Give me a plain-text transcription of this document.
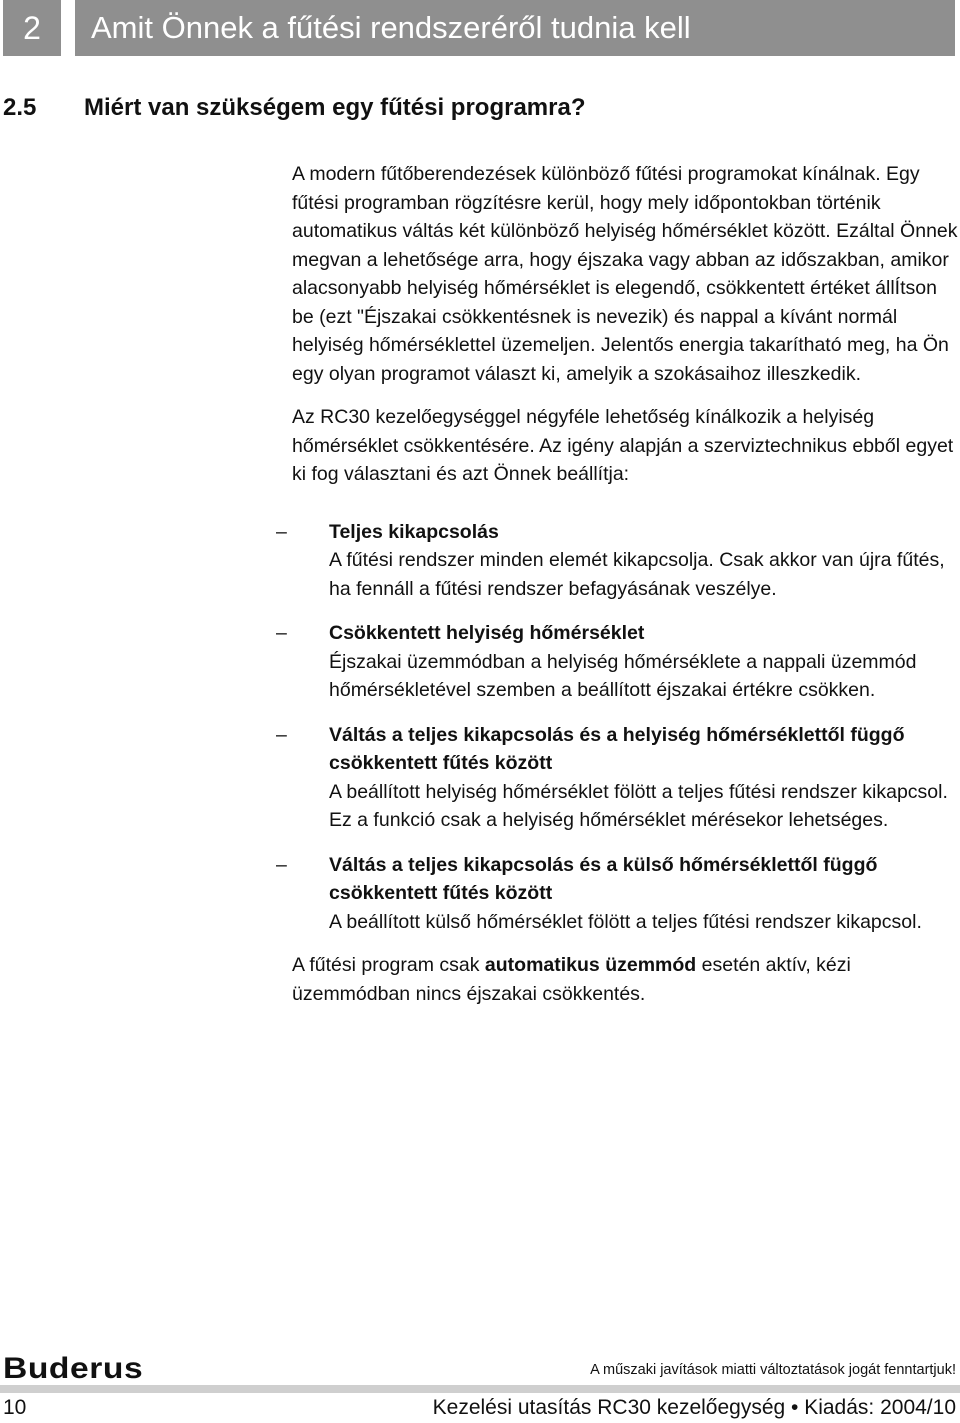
2 Amit Önnek a fűtési rendszeréről tudnia kell
2.5 Miért van szükségem egy fűtési programra?

A modern fűtőberendezések különböző fűtési programokat kínálnak. Egy fűtési programban rögzítésre kerül, hogy mely időpontokban történik automatikus váltás két különböző helyiség hőmérséklet között. Ezáltal Önnek megvan a lehetősége arra, hogy éjszaka vagy abban az időszakban, amikor alacsonyabb helyiség hőmérséklet is elegendő, csökkentett értéket állÍtson be (ezt "Éjszakai csökkentésnek is nevezik) és nappal a kívánt normál helyiség hőmérséklettel üzemeljen. Jelentős energia takarítható meg, ha Ön egy olyan programot választ ki, amelyik a szokásaihoz illeszkedik.

Az RC30 kezelőegységgel négyféle lehetőség kínálkozik a helyiség hőmérséklet csökkentésére. Az igény alapján a szerviztechnikus ebből egyet ki fog választani és azt Önnek beállítja:

– Teljes kikapcsolás
A fűtési rendszer minden elemét kikapcsolja. Csak akkor van újra fűtés, ha fennáll a fűtési rendszer befagyásának veszélye.
– Csökkentett helyiség hőmérséklet
Éjszakai üzemmódban a helyiség hőmérséklete a nappali üzemmód hőmérsékletével szemben a beállított éjszakai értékre csökken.
– Váltás a teljes kikapcsolás és a helyiség hőmérséklettől függő csökkentett fűtés között
A beállított helyiség hőmérséklet fölött a teljes fűtési rendszer kikapcsol. Ez a funkció csak a helyiség hőmérséklet mérésekor lehetséges.
– Váltás a teljes kikapcsolás és a külső hőmérséklettől függő csökkentett fűtés között
A beállított külső hőmérséklet fölött a teljes fűtési rendszer kikapcsol.

A fűtési program csak automatikus üzemmód esetén aktív, kézi üzemmódban nincs éjszakai csökkentés.

Buderus	A műszaki javítások miatti változtatások jogát fenntartjuk!
10	Kezelési utasítás RC30 kezelőegység • Kiadás: 2004/10
